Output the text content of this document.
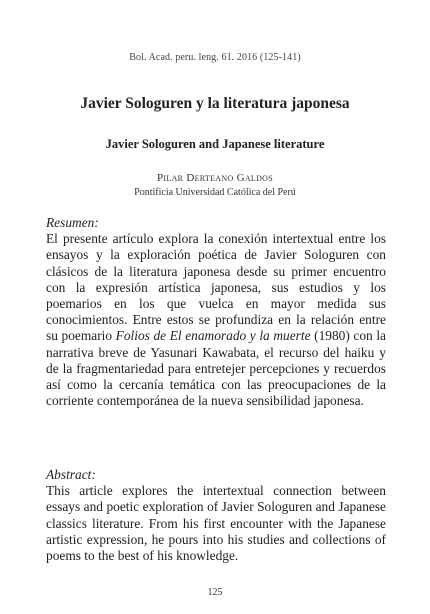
Bol. Acad. peru. leng. 61. 2016 (125-141)
Javier Sologuren y la literatura japonesa
Javier Sologuren and Japanese literature
Pilar Derteano Galdos
Pontificia Universidad Católica del Perú
Resumen:
El presente artículo explora la conexión intertextual entre los ensayos y la exploración poética de Javier Sologuren con clásicos de la literatura japonesa desde su primer encuentro con la expresión artística japonesa, sus estudios y los poemarios en los que vuelca en mayor medida sus conocimientos. Entre estos se profundiza en la relación entre su poemario Folios de El enamorado y la muerte (1980) con la narrativa breve de Yasunari Kawabata, el recurso del haiku y de la fragmentariedad para entretejer percepciones y recuerdos así como la cercanía temática con las preocupaciones de la corriente contemporánea de la nueva sensibilidad japonesa.
Abstract:
This article explores the intertextual connection between essays and poetic exploration of Javier Sologuren and Japanese classics literature. From his first encounter with the Japanese artistic expression, he pours into his studies and collections of poems to the best of his knowledge.
125
